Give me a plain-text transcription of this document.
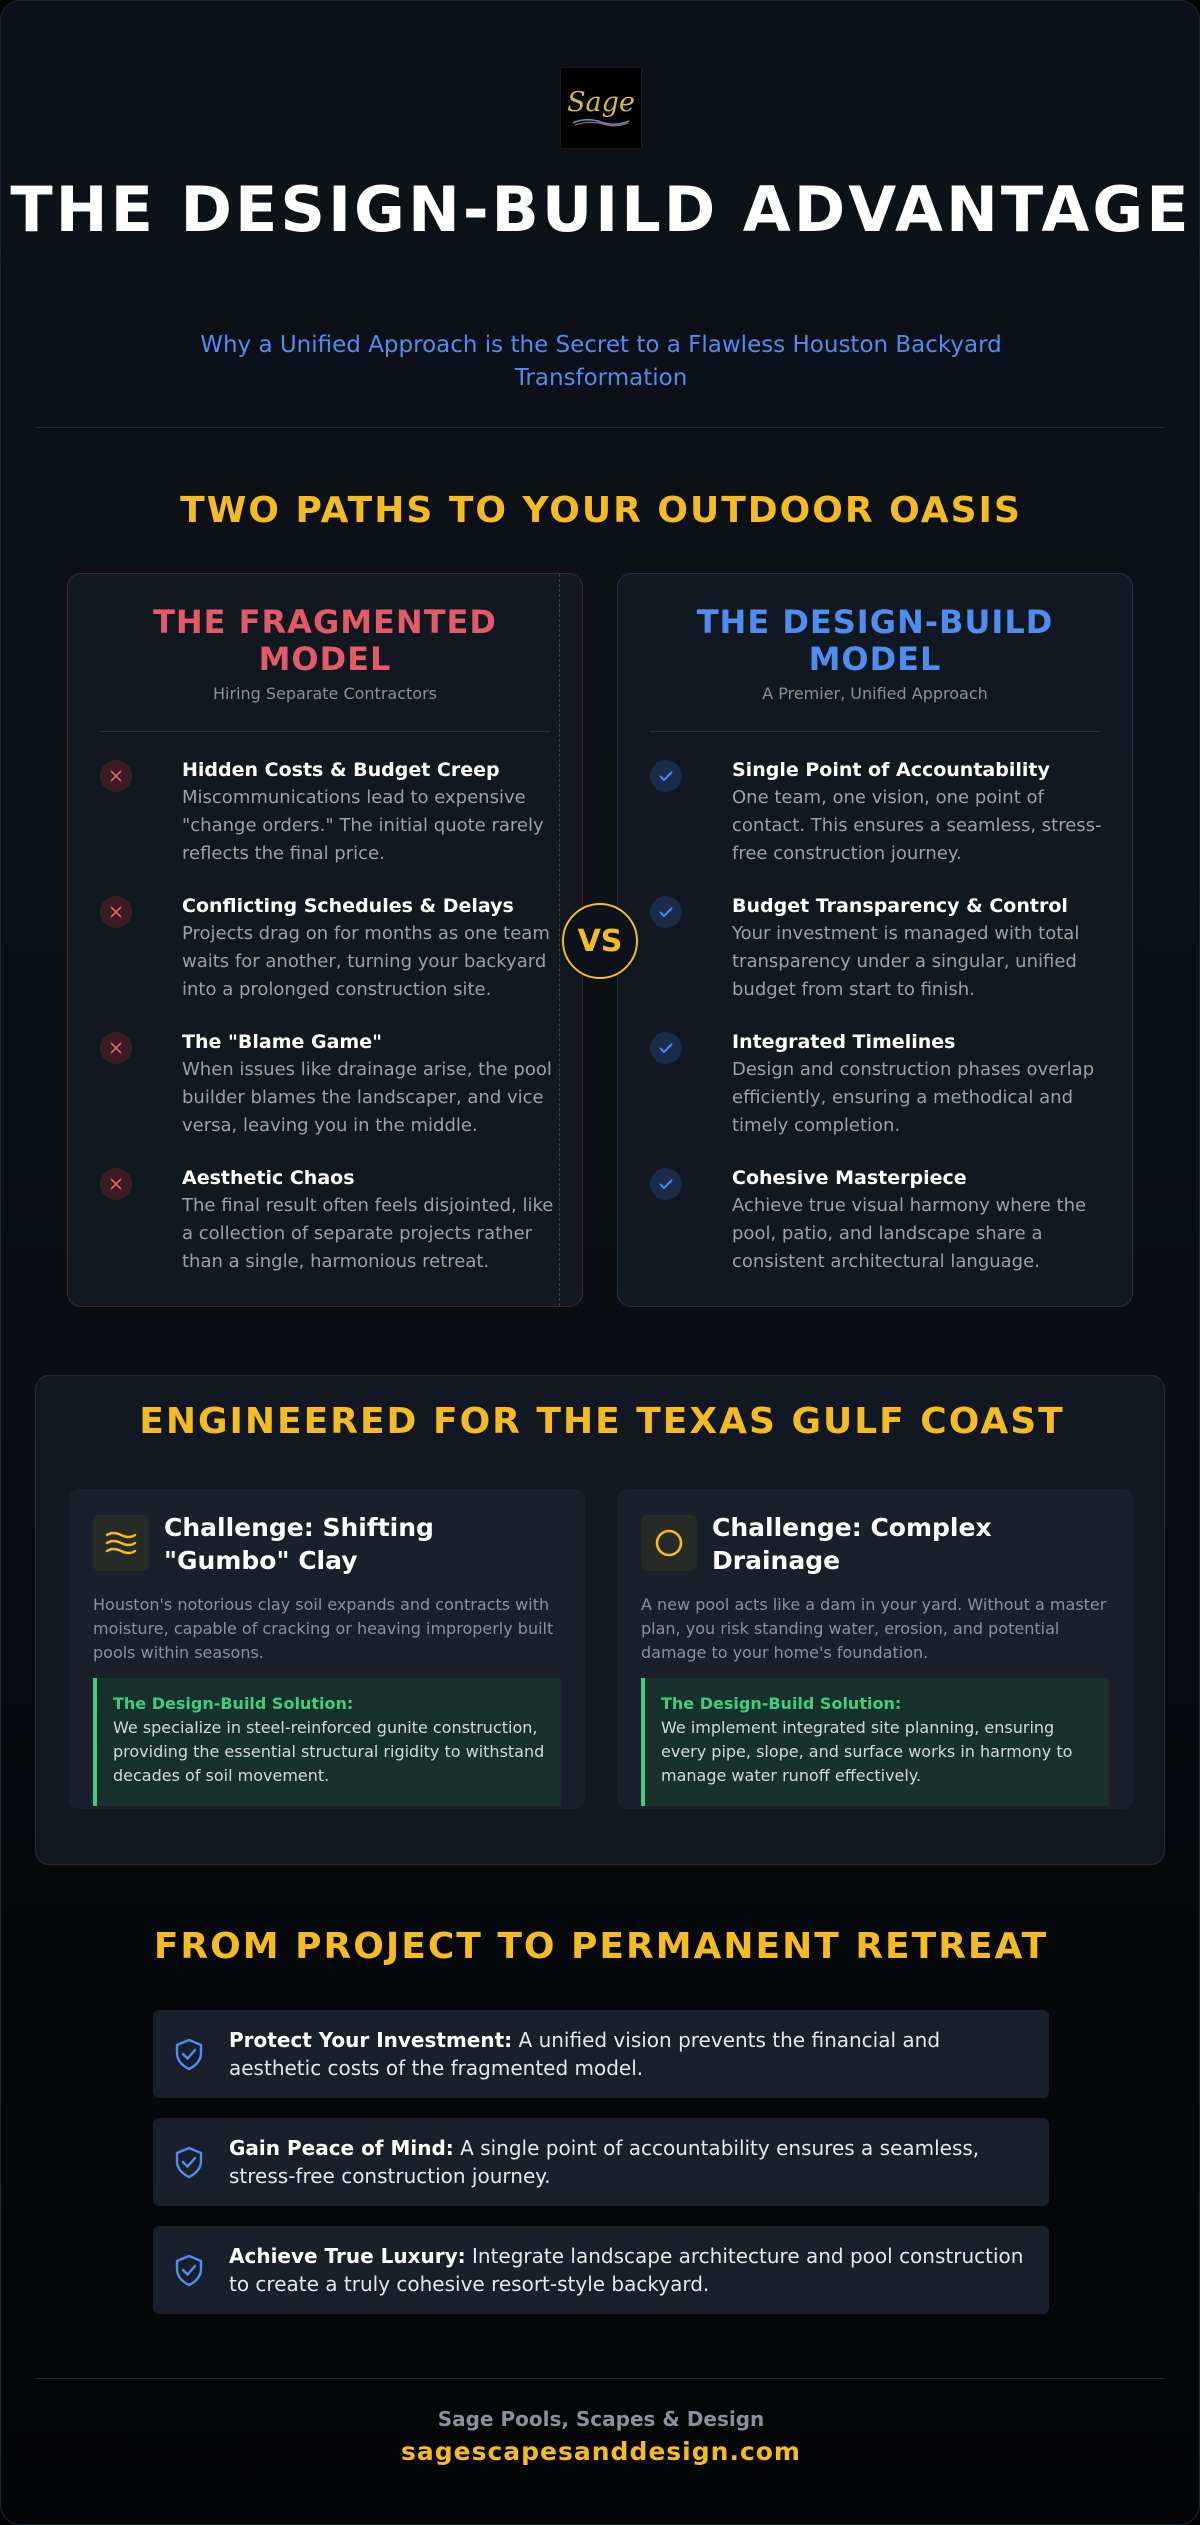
Sage
THE DESIGN-BUILD ADVANTAGE

Why a Unified Approach is the Secret to a Flawless Houston Backyard Transformation

TWO PATHS TO YOUR OUTDOOR OASIS
THE FRAGMENTED MODEL
Hiring Separate Contractors
Hidden Costs & Budget Creep
Miscommunications lead to expensive "change orders." The initial quote rarely reflects the final price.
Conflicting Schedules & Delays
Projects drag on for months as one team waits for another, turning your backyard into a prolonged construction site.
The "Blame Game"
When issues like drainage arise, the pool builder blames the landscaper, and vice versa, leaving you in the middle.
Aesthetic Chaos
The final result often feels disjointed, like a collection of separate projects rather than a single, harmonious retreat.
THE DESIGN-BUILD MODEL
A Premier, Unified Approach
Single Point of Accountability
One team, one vision, one point of contact. This ensures a seamless, stress-free construction journey.
Budget Transparency & Control
Your investment is managed with total transparency under a singular, unified budget from start to finish.
Integrated Timelines
Design and construction phases overlap efficiently, ensuring a methodical and timely completion.
Cohesive Masterpiece
Achieve true visual harmony where the pool, patio, and landscape share a consistent architectural language.
VS
ENGINEERED FOR THE TEXAS GULF COAST
Challenge: Shifting "Gumbo" Clay
Houston's notorious clay soil expands and contracts with moisture, capable of cracking or heaving improperly built pools within seasons.
The Design-Build Solution:
We specialize in steel-reinforced gunite construction, providing the essential structural rigidity to withstand decades of soil movement.
Challenge: Complex Drainage
A new pool acts like a dam in your yard. Without a master plan, you risk standing water, erosion, and potential damage to your home's foundation.
The Design-Build Solution:
We implement integrated site planning, ensuring every pipe, slope, and surface works in harmony to manage water runoff effectively.
FROM PROJECT TO PERMANENT RETREAT
Protect Your Investment: A unified vision prevents the financial and aesthetic costs of the fragmented model.
Gain Peace of Mind: A single point of accountability ensures a seamless, stress-free construction journey.
Achieve True Luxury: Integrate landscape architecture and pool construction to create a truly cohesive resort-style backyard.
Sage Pools, Scapes & Design
sagescapesanddesign.com
